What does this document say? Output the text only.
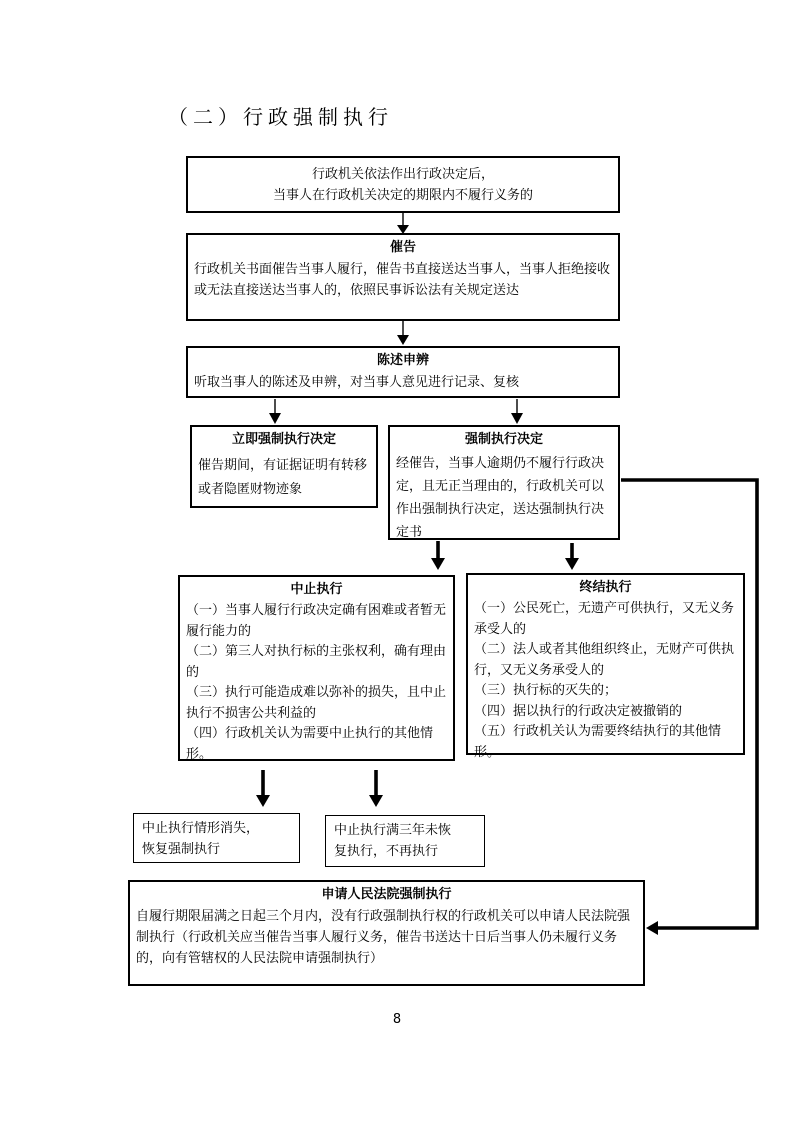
（二）行政强制执行
行政机关依法作出行政决定后，
当事人在行政机关决定的期限内不履行义务的
催告
行政机关书面催告当事人履行，催告书直接送达当事人，当事人拒绝接收或无法直接送达当事人的，依照民事诉讼法有关规定送达
陈述申辨
听取当事人的陈述及申辨，对当事人意见进行记录、复核
立即强制执行决定
催告期间，有证据证明有转移或者隐匿财物迹象
强制执行决定
经催告，当事人逾期仍不履行行政决定，且无正当理由的，行政机关可以作出强制执行决定，送达强制执行决定书
中止执行
（一）当事人履行行政决定确有困难或者暂无履行能力的
（二）第三人对执行标的主张权利，确有理由的
（三）执行可能造成难以弥补的损失，且中止执行不损害公共利益的
（四）行政机关认为需要中止执行的其他情形。
终结执行
（一）公民死亡，无遗产可供执行，又无义务承受人的
（二）法人或者其他组织终止，无财产可供执行，又无义务承受人的
（三）执行标的灭失的；
（四）据以执行的行政决定被撤销的
（五）行政机关认为需要终结执行的其他情形。
中止执行情形消失，
恢复强制执行
中止执行满三年未恢
复执行，不再执行
申请人民法院强制执行
自履行期限届满之日起三个月内，没有行政强制执行权的行政机关可以申请人民法院强制执行（行政机关应当催告当事人履行义务，催告书送达十日后当事人仍未履行义务的，向有管辖权的人民法院申请强制执行）
8
